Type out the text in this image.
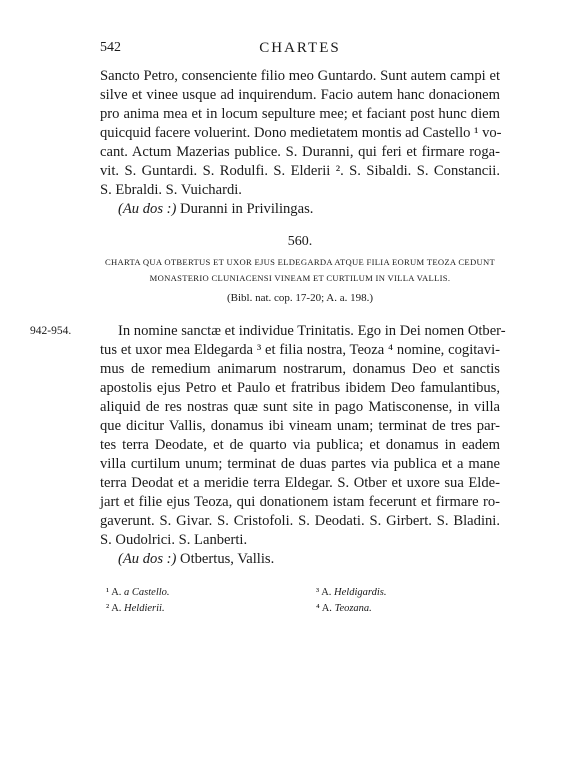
542	CHARTES
Sancto Petro, consenciente filio meo Guntardo. Sunt autem campi et
silve et vinee usque ad inquirendum. Facio autem hanc donacionem
pro anima mea et in locum sepulture mee; et faciant post hunc diem
quicquid facere voluerint. Dono medietatem montis ad Castello ¹ vo-
cant. Actum Mazerias publice. S. Duranni, qui feri et firmare roga-
vit. S. Guntardi. S. Rodulfi. S. Elderii ². S. Sibaldi. S. Constancii.
S. Ebraldi. S. Vuichardi.
(Au dos :) Duranni in Privilingas.
560.
CHARTA QUA OTBERTUS ET UXOR EJUS ELDEGARDA ATQUE FILIA EORUM TEOZA CEDUNT
MONASTERIO CLUNIACENSI VINEAM ET CURTILUM IN VILLA VALLIS.
(Bibl. nat. cop. 17-20; A. a. 198.)
942-954.	In nomine sanctæ et individue Trinitatis. Ego in Dei nomen Otber-
tus et uxor mea Eldegarda ³ et filia nostra, Teoza ⁴ nomine, cogitavi-
mus de remedium animarum nostrarum, donamus Deo et sanctis
apostolis ejus Petro et Paulo et fratribus ibidem Deo famulantibus,
aliquid de res nostras quæ sunt site in pago Matisconense, in villa
que dicitur Vallis, donamus ibi vineam unam; terminat de tres par-
tes terra Deodate, et de quarto via publica; et donamus in eadem
villa curtilum unum; terminat de duas partes via publica et a mane
terra Deodat et a meridie terra Eldegar. S. Otber et uxore sua Elde-
jart et filie ejus Teoza, qui donationem istam fecerunt et firmare ro-
gaverunt. S. Givar. S. Cristofoli. S. Deodati. S. Girbert. S. Bladini.
S. Oudolrici. S. Lanberti.
(Au dos :) Otbertus, Vallis.
¹ A. a Castello.
² A. Heldierii.
³ A. Heldigardis.
⁴ A. Teozana.
